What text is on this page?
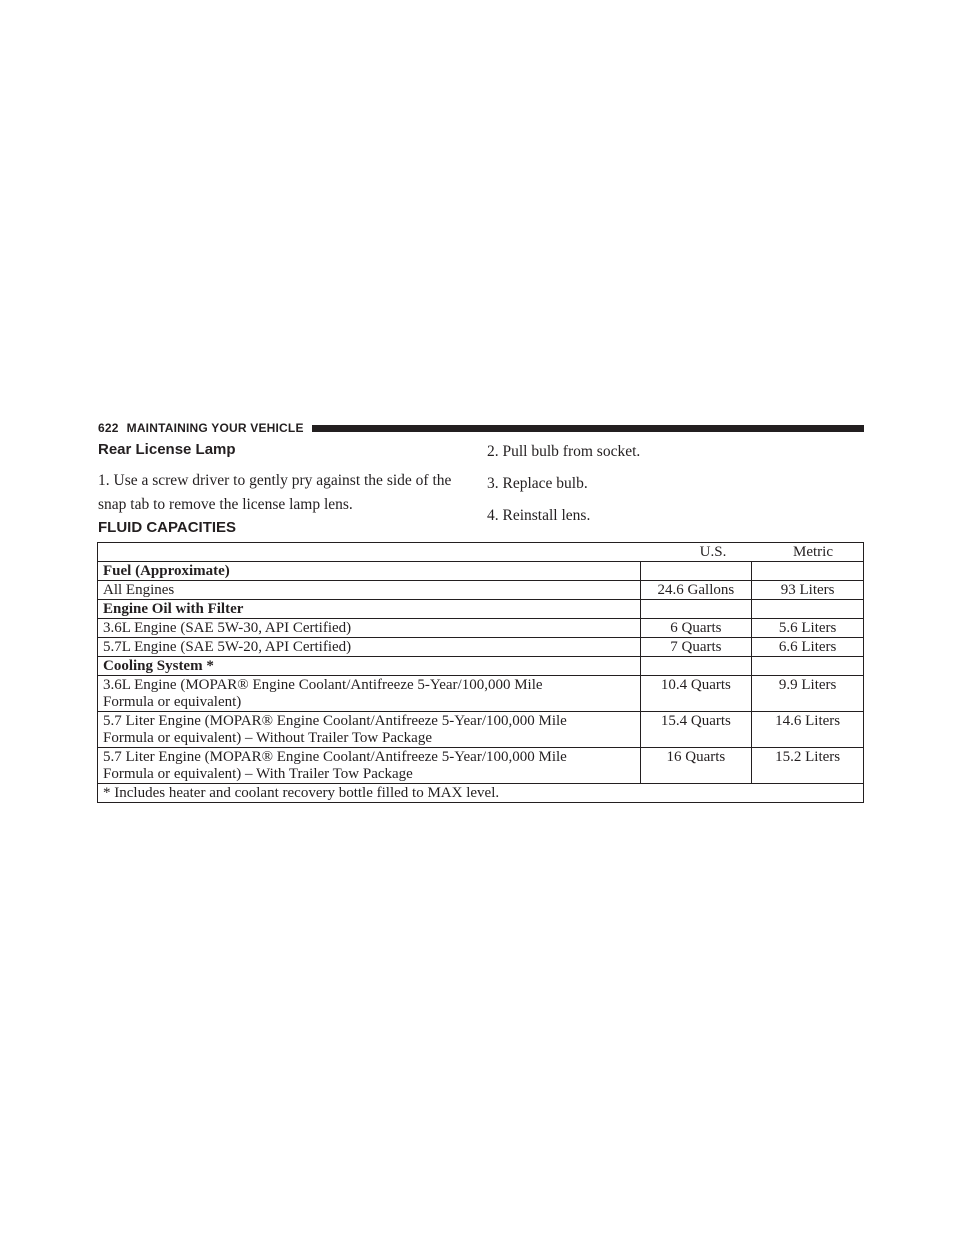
622 MAINTAINING YOUR VEHICLE
Rear License Lamp

1. Use a screw driver to gently pry against the side of the snap tab to remove the license lamp lens.

2. Pull bulb from socket.

3. Replace bulb.

4. Reinstall lens.

FLUID CAPACITIES
U.S. Metric		
Fuel (Approximate)		
All Engines	24.6 Gallons	93 Liters
Engine Oil with Filter		
3.6L Engine (SAE 5W-30, API Certified)	6 Quarts	5.6 Liters
5.7L Engine (SAE 5W-20, API Certified)	7 Quarts	6.6 Liters
Cooling System *		
3.6L Engine (MOPAR® Engine Coolant/Antifreeze 5-Year/100,000 Mile
Formula or equivalent)	10.4 Quarts	9.9 Liters
5.7 Liter Engine (MOPAR® Engine Coolant/Antifreeze 5-Year/100,000 Mile
Formula or equivalent) – Without Trailer Tow Package	15.4 Quarts	14.6 Liters
5.7 Liter Engine (MOPAR® Engine Coolant/Antifreeze 5-Year/100,000 Mile
Formula or equivalent) – With Trailer Tow Package	16 Quarts	15.2 Liters
* Includes heater and coolant recovery bottle filled to MAX level.		
